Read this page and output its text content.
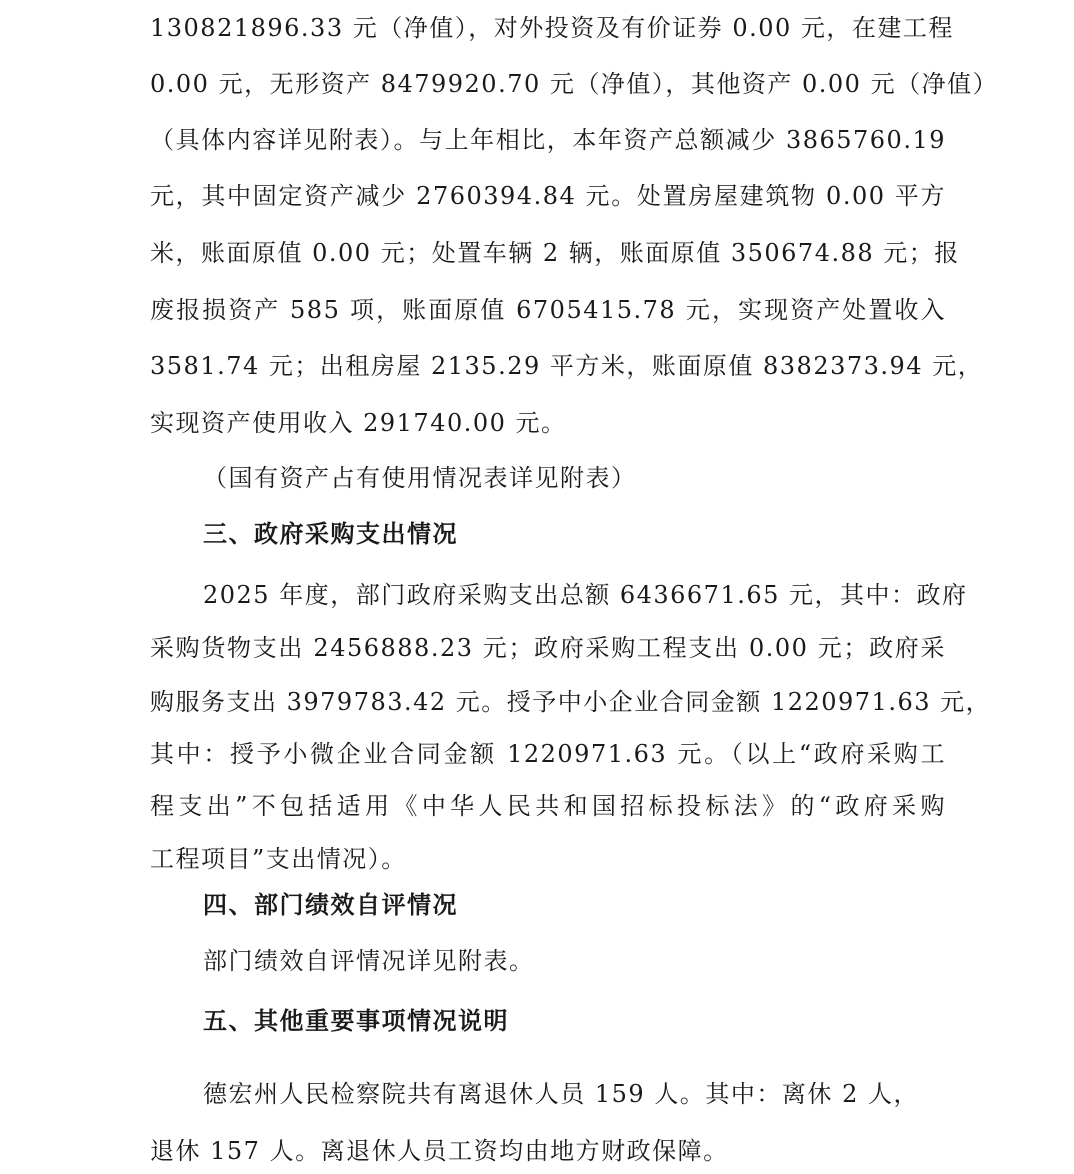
130821896.33 元（净值），对外投资及有价证券 0.00 元，在建工程
0.00 元，无形资产 8479920.70 元（净值），其他资产 0.00 元（净值）
（具体内容详见附表）。与上年相比，本年资产总额减少 3865760.19
元，其中固定资产减少 2760394.84 元。处置房屋建筑物 0.00 平方
米，账面原值 0.00 元；处置车辆 2 辆，账面原值 350674.88 元；报
废报损资产 585 项，账面原值 6705415.78 元，实现资产处置收入
3581.74 元；出租房屋 2135.29 平方米，账面原值 8382373.94 元，
实现资产使用收入 291740.00 元。
（国有资产占有使用情况表详见附表）
三、政府采购支出情况
2025 年度，部门政府采购支出总额 6436671.65 元，其中：政府
采购货物支出 2456888.23 元；政府采购工程支出 0.00 元；政府采
购服务支出 3979783.42 元。授予中小企业合同金额 1220971.63 元，
其中：授予小微企业合同金额 1220971.63 元。（以上“政府采购工
程支出”不包括适用《中华人民共和国招标投标法》的“政府采购
工程项目”支出情况）。
四、部门绩效自评情况
部门绩效自评情况详见附表。
五、其他重要事项情况说明
德宏州人民检察院共有离退休人员 159 人。其中：离休 2 人，
退休 157 人。离退休人员工资均由地方财政保障。
